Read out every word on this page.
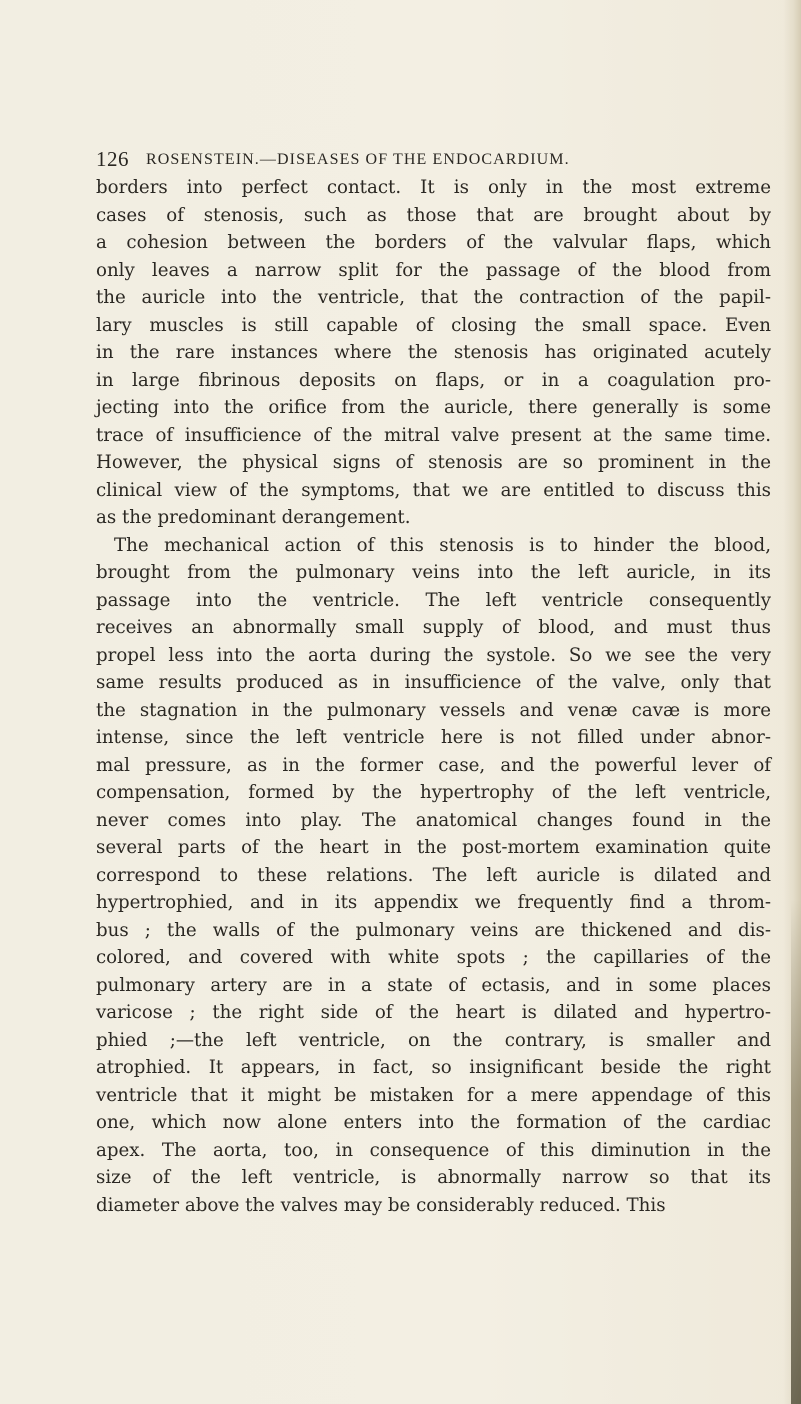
126 ROSENSTEIN.—DISEASES OF THE ENDOCARDIUM.
borders into perfect contact. It is only in the most extreme
cases of stenosis, such as those that are brought about by
a cohesion between the borders of the valvular flaps, which
only leaves a narrow split for the passage of the blood from
the auricle into the ventricle, that the contraction of the papil-
lary muscles is still capable of closing the small space. Even
in the rare instances where the stenosis has originated acutely
in large fibrinous deposits on flaps, or in a coagulation pro-
jecting into the orifice from the auricle, there generally is some
trace of insufficience of the mitral valve present at the same time.
However, the physical signs of stenosis are so prominent in the
clinical view of the symptoms, that we are entitled to discuss this
as the predominant derangement.
The mechanical action of this stenosis is to hinder the blood,
brought from the pulmonary veins into the left auricle, in its
passage into the ventricle. The left ventricle consequently
receives an abnormally small supply of blood, and must thus
propel less into the aorta during the systole. So we see the very
same results produced as in insufficience of the valve, only that
the stagnation in the pulmonary vessels and venæ cavæ is more
intense, since the left ventricle here is not filled under abnor-
mal pressure, as in the former case, and the powerful lever of
compensation, formed by the hypertrophy of the left ventricle,
never comes into play. The anatomical changes found in the
several parts of the heart in the post-mortem examination quite
correspond to these relations. The left auricle is dilated and
hypertrophied, and in its appendix we frequently find a throm-
bus ; the walls of the pulmonary veins are thickened and dis-
colored, and covered with white spots ; the capillaries of the
pulmonary artery are in a state of ectasis, and in some places
varicose ; the right side of the heart is dilated and hypertro-
phied ;—the left ventricle, on the contrary, is smaller and
atrophied. It appears, in fact, so insignificant beside the right
ventricle that it might be mistaken for a mere appendage of this
one, which now alone enters into the formation of the cardiac
apex. The aorta, too, in consequence of this diminution in the
size of the left ventricle, is abnormally narrow so that its
diameter above the valves may be considerably reduced. This
